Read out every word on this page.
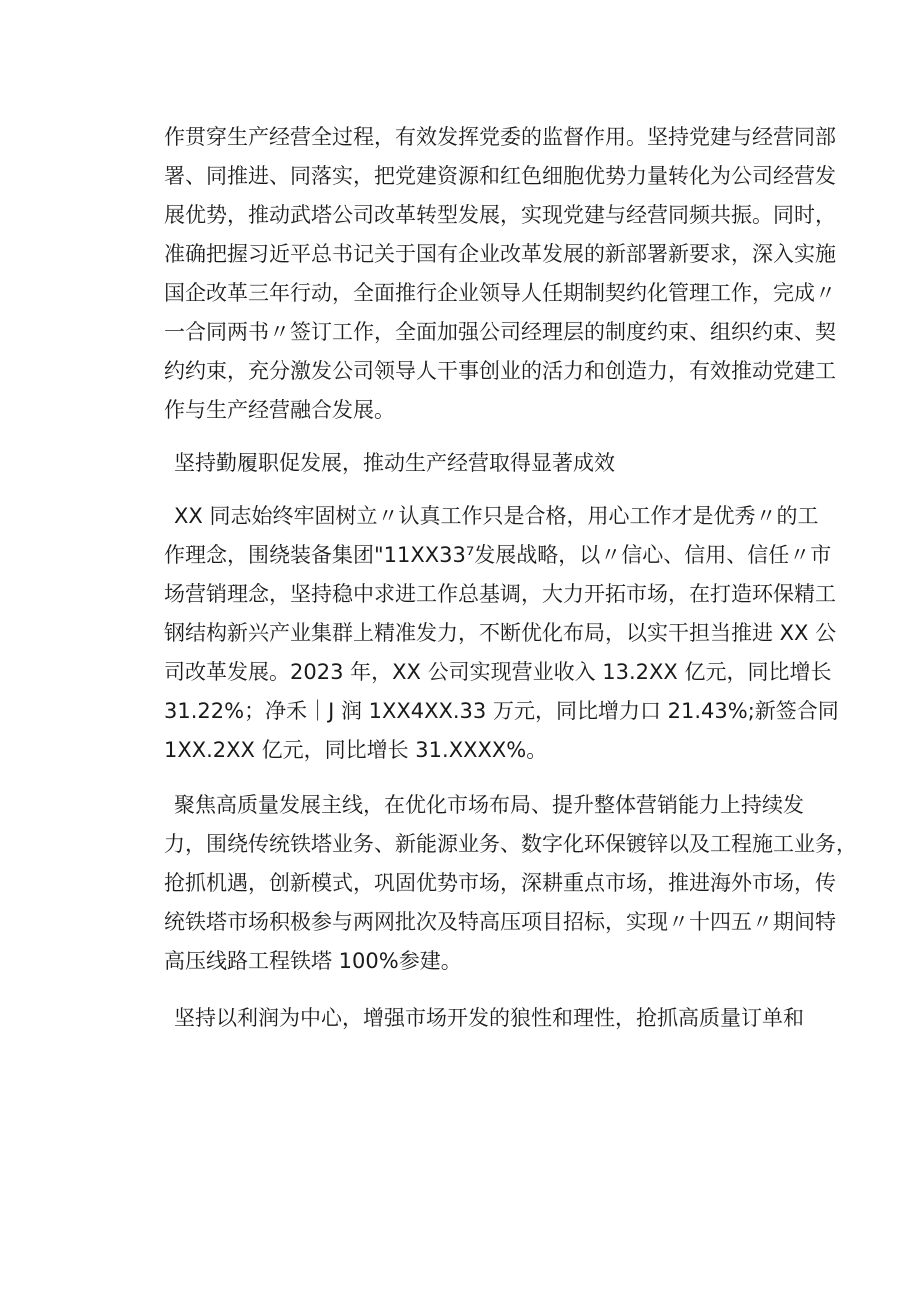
作贯穿生产经营全过程，有效发挥党委的监督作用。坚持党建与经营同部
署、同推进、同落实，把党建资源和红色细胞优势力量转化为公司经营发
展优势，推动武塔公司改革转型发展，实现党建与经营同频共振。同时，
准确把握习近平总书记关于国有企业改革发展的新部署新要求，深入实施
国企改革三年行动，全面推行企业领导人任期制契约化管理工作，完成〃
一合同两书〃签订工作，全面加强公司经理层的制度约束、组织约束、契
约约束，充分激发公司领导人干事创业的活力和创造力，有效推动党建工
作与生产经营融合发展。
坚持勤履职促发展，推动生产经营取得显著成效
XX 同志始终牢固树立〃认真工作只是合格，用心工作才是优秀〃的工
作理念，围绕装备集团"11XX33⁷发展战略，以〃信心、信用、信任〃市
场营销理念，坚持稳中求进工作总基调，大力开拓市场，在打造环保精工
钢结构新兴产业集群上精准发力，不断优化布局，以实干担当推进 XX 公
司改革发展。2023 年，XX 公司实现营业收入 13.2XX 亿元，同比增长
31.22%；净禾｜J 润 1XX4XX.33 万元，同比增力口 21.43%;新签合同
1XX.2XX 亿元，同比增长 31.XXXX%。
聚焦高质量发展主线，在优化市场布局、提升整体营销能力上持续发
力，围绕传统铁塔业务、新能源业务、数字化环保镀锌以及工程施工业务，
抢抓机遇，创新模式，巩固优势市场，深耕重点市场，推进海外市场，传
统铁塔市场积极参与两网批次及特高压项目招标，实现〃十四五〃期间特
高压线路工程铁塔 100%参建。
坚持以利润为中心，增强市场开发的狼性和理性，抢抓高质量订单和
